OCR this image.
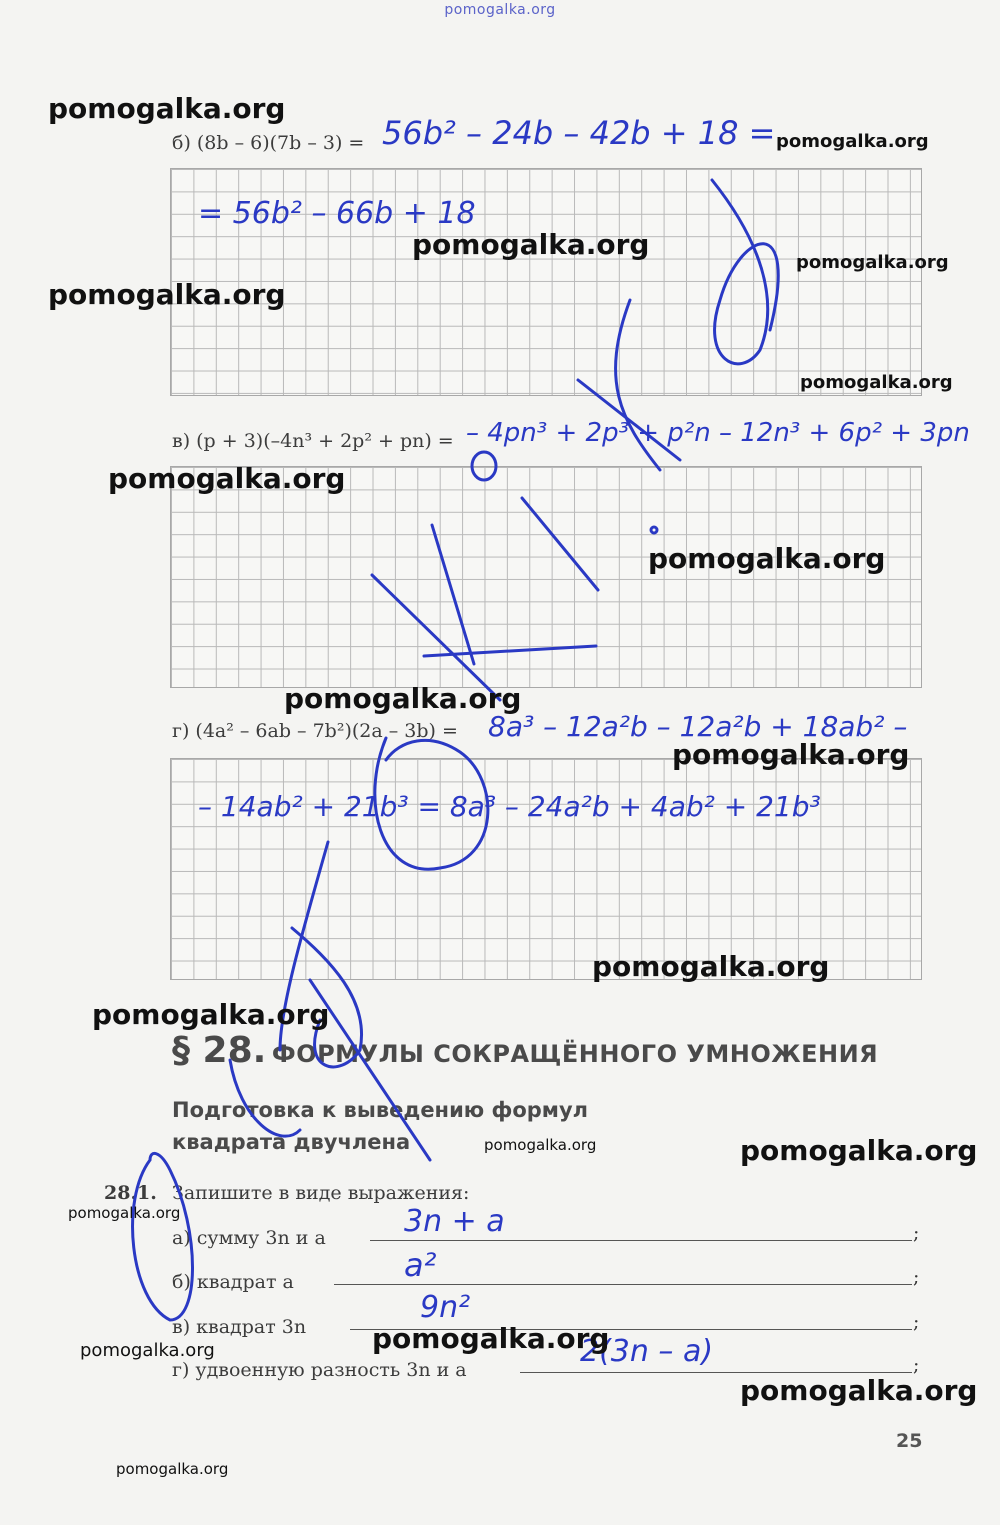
pomogalka.org
б) (8b – 6)(7b – 3) = 56b² – 24b – 42b + 18 =
= 56b² – 66b + 18
в) (p + 3)(–4n³ + 2p² + pn) = – 4pn³ + 2p³ + p²n – 12n³ + 6p² + 3pn
г) (4a² – 6ab – 7b²)(2a – 3b) = 8a³ – 12a²b – 12a²b + 18ab² –
– 14ab² + 21b³ = 8a³ – 24a²b + 4ab² + 21b³
§ 28. ФОРМУЛЫ СОКРАЩЁННОГО УМНОЖЕНИЯ
Подготовка к выведению формул
квадрата двучлена
28.1. Запишите в виде выражения:
а) сумму 3n и a	;
3n + a
б) квадрат a	;
a²
в) квадрат 3n	;
9n²
г) удвоенную разность 3n и a	;
2(3n – a)
25
pomogalka.org
pomogalka.org
pomogalka.org
pomogalka.org
pomogalka.org
pomogalka.org
pomogalka.org
pomogalka.org
pomogalka.org
pomogalka.org
pomogalka.org
pomogalka.org
pomogalka.org	pomogalka.org
pomogalka.org
pomogalka.org
pomogalka.org
pomogalka.org
pomogalka.org
